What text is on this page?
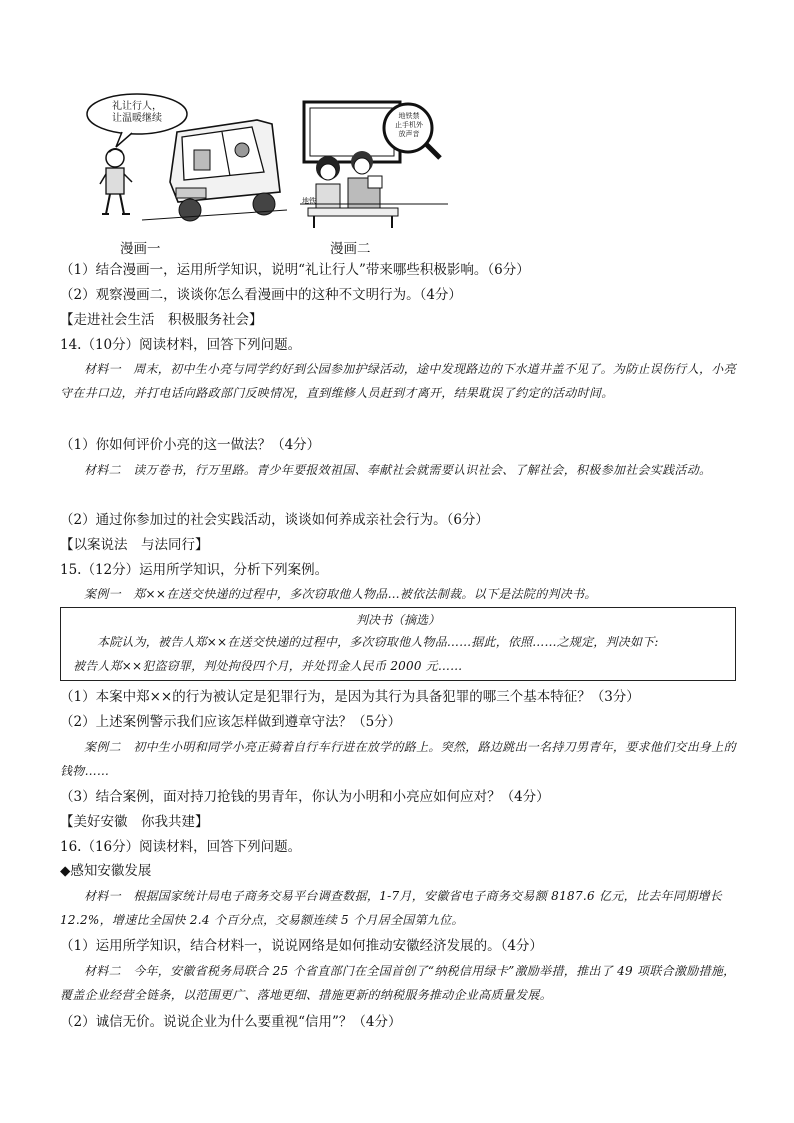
礼让行人，
让温暖继续
漫画一
地铁禁
止手机外
放声音
地铁
漫画二
（1）结合漫画一，运用所学知识，说明“礼让行人”带来哪些积极影响。（6分）
（2）观察漫画二，谈谈你怎么看漫画中的这种不文明行为。（4分）
【走进社会生活　积极服务社会】
14.（10分）阅读材料，回答下列问题。
材料一　周末，初中生小亮与同学约好到公园参加护绿活动，途中发现路边的下水道井盖不见了。为防止误伤行人，小亮守在井口边，并打电话向路政部门反映情况，直到维修人员赶到才离开，结果耽误了约定的活动时间。
（1）你如何评价小亮的这一做法？（4分）
材料二　读万卷书，行万里路。青少年要报效祖国、奉献社会就需要认识社会、了解社会，积极参加社会实践活动。
（2）通过你参加过的社会实践活动，谈谈如何养成亲社会行为。（6分）
【以案说法　与法同行】
15.（12分）运用所学知识，分析下列案例。
案例一　郑××在送交快递的过程中，多次窃取他人物品…被依法制裁。以下是法院的判决书。
判决书（摘选）
本院认为，被告人郑××在送交快递的过程中，多次窃取他人物品……据此，依照……之规定，判决如下:
被告人郑××犯盗窃罪，判处拘役四个月，并处罚金人民币 2000 元……
（1）本案中郑××的行为被认定是犯罪行为，是因为其行为具备犯罪的哪三个基本特征？（3分）
（2）上述案例警示我们应该怎样做到遵章守法？（5分）
案例二　初中生小明和同学小亮正骑着自行车行进在放学的路上。突然，路边跳出一名持刀男青年，要求他们交出身上的钱物……
（3）结合案例，面对持刀抢钱的男青年，你认为小明和小亮应如何应对？（4分）
【美好安徽　你我共建】
16.（16分）阅读材料，回答下列问题。
◆感知安徽发展
材料一　根据国家统计局电子商务交易平台调查数据，1-7月，安徽省电子商务交易额 8187.6 亿元，比去年同期增长 12.2%，增速比全国快 2.4 个百分点，交易额连续 5 个月居全国第九位。
（1）运用所学知识，结合材料一，说说网络是如何推动安徽经济发展的。（4分）
材料二　今年，安徽省税务局联合 25 个省直部门在全国首创了“纳税信用绿卡”激励举措，推出了 49 项联合激励措施，覆盖企业经营全链条，以范围更广、落地更细、措施更新的纳税服务推动企业高质量发展。
（2）诚信无价。说说企业为什么要重视“信用”？（4分）
